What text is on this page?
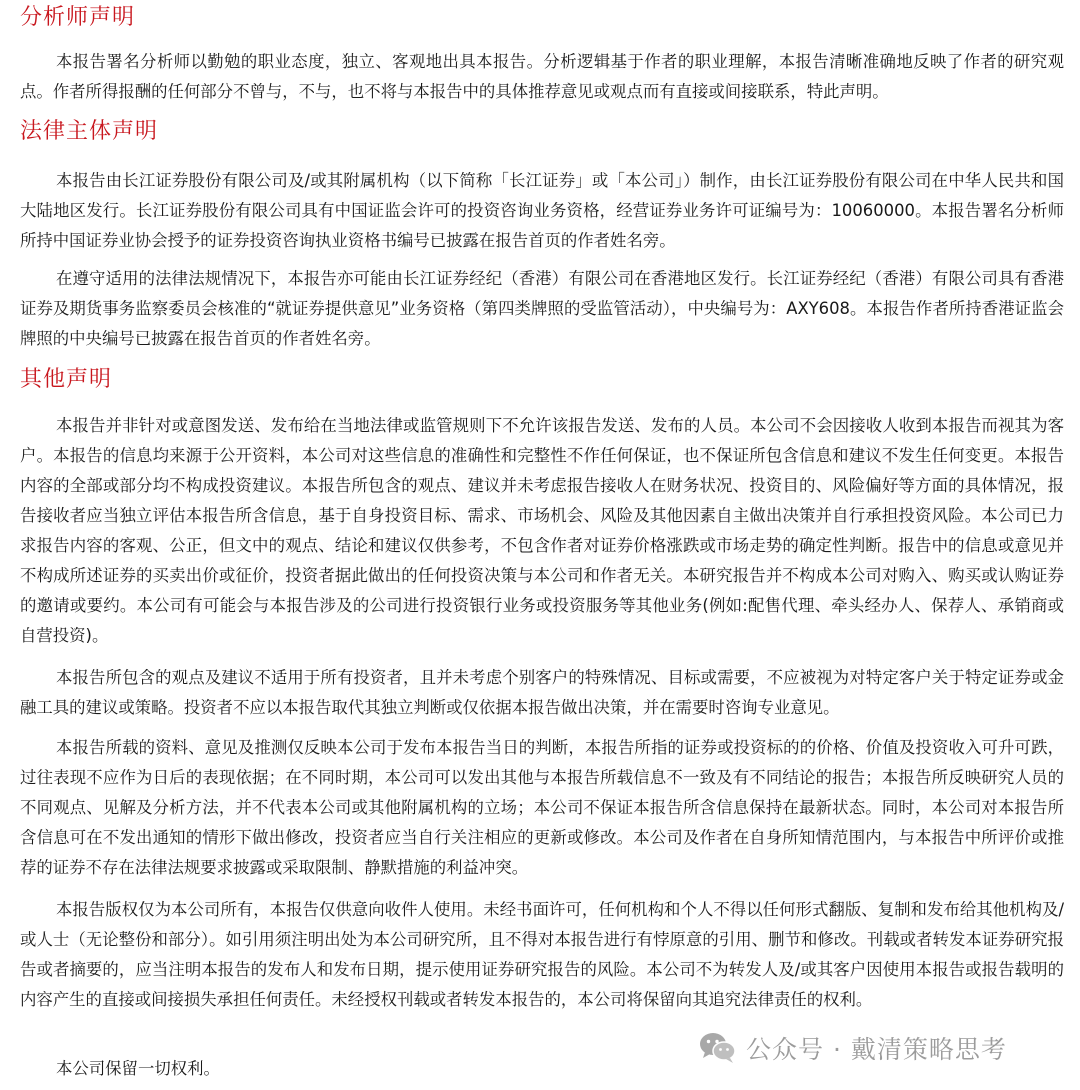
分析师声明

本报告署名分析师以勤勉的职业态度，独立、客观地出具本报告。分析逻辑基于作者的职业理解，本报告清晰准确地反映了作者的研究观点。作者所得报酬的任何部分不曾与，不与，也不将与本报告中的具体推荐意见或观点而有直接或间接联系，特此声明。

法律主体声明

本报告由长江证券股份有限公司及/或其附属机构（以下简称「长江证券」或「本公司」）制作，由长江证券股份有限公司在中华人民共和国大陆地区发行。长江证券股份有限公司具有中国证监会许可的投资咨询业务资格，经营证券业务许可证编号为：10060000。本报告署名分析师所持中国证券业协会授予的证券投资咨询执业资格书编号已披露在报告首页的作者姓名旁。

在遵守适用的法律法规情况下，本报告亦可能由长江证券经纪（香港）有限公司在香港地区发行。长江证券经纪（香港）有限公司具有香港证券及期货事务监察委员会核准的“就证券提供意见”业务资格（第四类牌照的受监管活动），中央编号为：AXY608。本报告作者所持香港证监会牌照的中央编号已披露在报告首页的作者姓名旁。

其他声明

本报告并非针对或意图发送、发布给在当地法律或监管规则下不允许该报告发送、发布的人员。本公司不会因接收人收到本报告而视其为客户。本报告的信息均来源于公开资料，本公司对这些信息的准确性和完整性不作任何保证，也不保证所包含信息和建议不发生任何变更。本报告内容的全部或部分均不构成投资建议。本报告所包含的观点、建议并未考虑报告接收人在财务状况、投资目的、风险偏好等方面的具体情况，报告接收者应当独立评估本报告所含信息，基于自身投资目标、需求、市场机会、风险及其他因素自主做出决策并自行承担投资风险。本公司已力求报告内容的客观、公正，但文中的观点、结论和建议仅供参考，不包含作者对证券价格涨跌或市场走势的确定性判断。报告中的信息或意见并不构成所述证券的买卖出价或征价，投资者据此做出的任何投资决策与本公司和作者无关。本研究报告并不构成本公司对购入、购买或认购证券的邀请或要约。本公司有可能会与本报告涉及的公司进行投资银行业务或投资服务等其他业务(例如:配售代理、牵头经办人、保荐人、承销商或自营投资)。

本报告所包含的观点及建议不适用于所有投资者，且并未考虑个别客户的特殊情况、目标或需要，不应被视为对特定客户关于特定证券或金融工具的建议或策略。投资者不应以本报告取代其独立判断或仅依据本报告做出决策，并在需要时咨询专业意见。

本报告所载的资料、意见及推测仅反映本公司于发布本报告当日的判断，本报告所指的证券或投资标的的价格、价值及投资收入可升可跌，过往表现不应作为日后的表现依据；在不同时期，本公司可以发出其他与本报告所载信息不一致及有不同结论的报告；本报告所反映研究人员的不同观点、见解及分析方法，并不代表本公司或其他附属机构的立场；本公司不保证本报告所含信息保持在最新状态。同时，本公司对本报告所含信息可在不发出通知的情形下做出修改，投资者应当自行关注相应的更新或修改。本公司及作者在自身所知情范围内，与本报告中所评价或推荐的证券不存在法律法规要求披露或采取限制、静默措施的利益冲突。

本报告版权仅为本公司所有，本报告仅供意向收件人使用。未经书面许可，任何机构和个人不得以任何形式翻版、复制和发布给其他机构及/或人士（无论整份和部分）。如引用须注明出处为本公司研究所，且不得对本报告进行有悖原意的引用、删节和修改。刊载或者转发本证券研究报告或者摘要的，应当注明本报告的发布人和发布日期，提示使用证券研究报告的风险。本公司不为转发人及/或其客户因使用本报告或报告载明的内容产生的直接或间接损失承担任何责任。未经授权刊载或者转发本报告的，本公司将保留向其追究法律责任的权利。

本公司保留一切权利。

公众号 · 戴清策略思考
